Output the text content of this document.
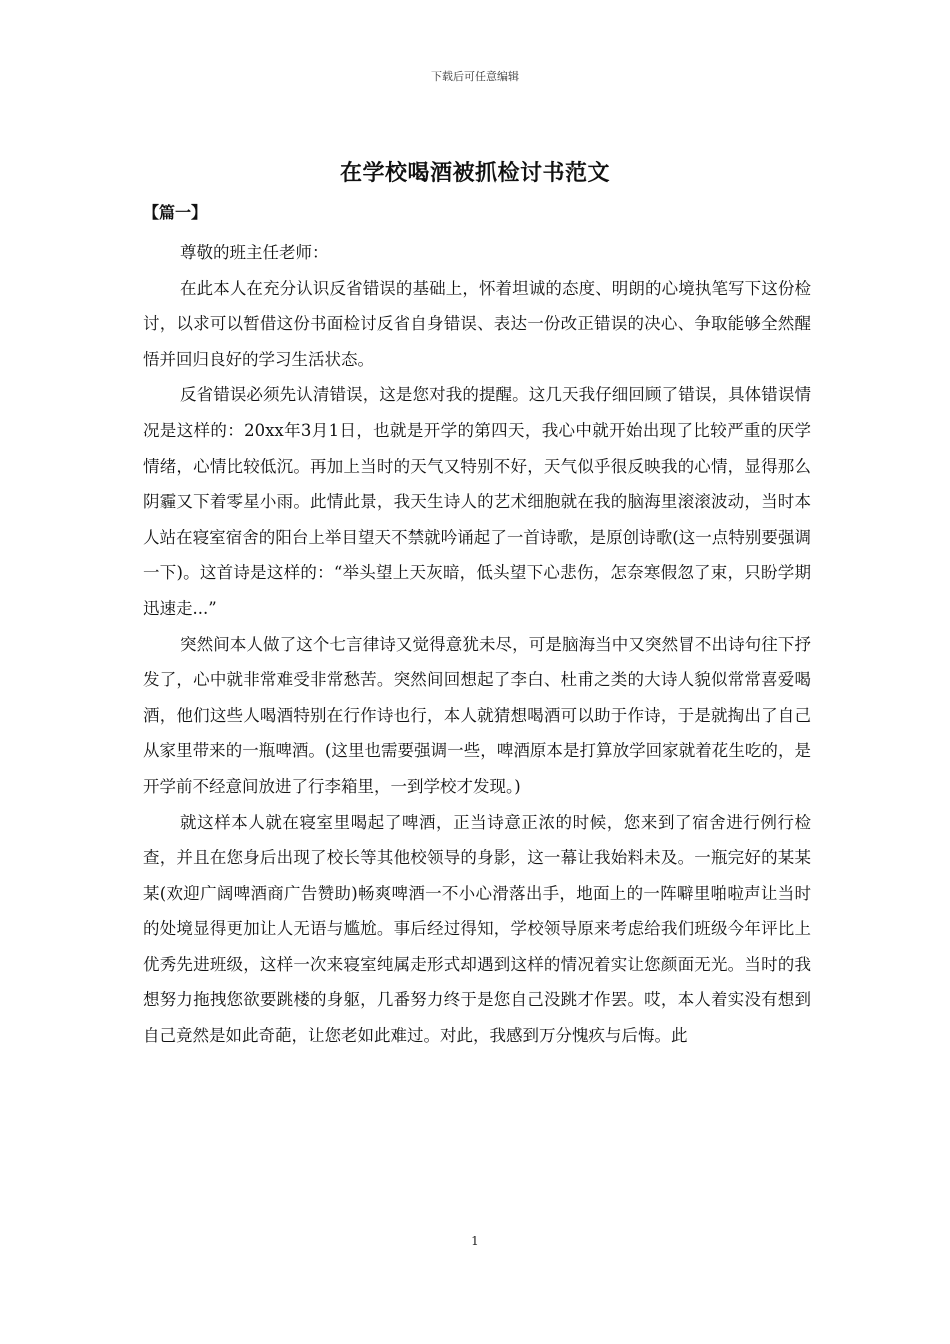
下载后可任意编辑
在学校喝酒被抓检讨书范文
【篇一】

尊敬的班主任老师：

在此本人在充分认识反省错误的基础上，怀着坦诚的态度、明朗的心境执笔写下这份检讨，以求可以暂借这份书面检讨反省自身错误、表达一份改正错误的决心、争取能够全然醒悟并回归良好的学习生活状态。

反省错误必须先认清错误，这是您对我的提醒。这几天我仔细回顾了错误，具体错误情况是这样的：20xx年3月1日，也就是开学的第四天，我心中就开始出现了比较严重的厌学情绪，心情比较低沉。再加上当时的天气又特别不好，天气似乎很反映我的心情，显得那么阴霾又下着零星小雨。此情此景，我天生诗人的艺术细胞就在我的脑海里滚滚波动，当时本人站在寝室宿舍的阳台上举目望天不禁就吟诵起了一首诗歌，是原创诗歌(这一点特别要强调一下)。这首诗是这样的：“举头望上天灰暗，低头望下心悲伤，怎奈寒假忽了束，只盼学期迅速走...”

突然间本人做了这个七言律诗又觉得意犹未尽，可是脑海当中又突然冒不出诗句往下抒发了，心中就非常难受非常愁苦。突然间回想起了李白、杜甫之类的大诗人貌似常常喜爱喝酒，他们这些人喝酒特别在行作诗也行，本人就猜想喝酒可以助于作诗，于是就掏出了自己从家里带来的一瓶啤酒。(这里也需要强调一些，啤酒原本是打算放学回家就着花生吃的，是开学前不经意间放进了行李箱里，一到学校才发现。)

就这样本人就在寝室里喝起了啤酒，正当诗意正浓的时候，您来到了宿舍进行例行检查，并且在您身后出现了校长等其他校领导的身影，这一幕让我始料未及。一瓶完好的某某某(欢迎广阔啤酒商广告赞助)畅爽啤酒一不小心滑落出手，地面上的一阵噼里啪啦声让当时的处境显得更加让人无语与尴尬。事后经过得知，学校领导原来考虑给我们班级今年评比上优秀先进班级，这样一次来寝室纯属走形式却遇到这样的情况着实让您颜面无光。当时的我想努力拖拽您欲要跳楼的身躯，几番努力终于是您自己没跳才作罢。哎，本人着实没有想到自己竟然是如此奇葩，让您老如此难过。对此，我感到万分愧疚与后悔。此

1
